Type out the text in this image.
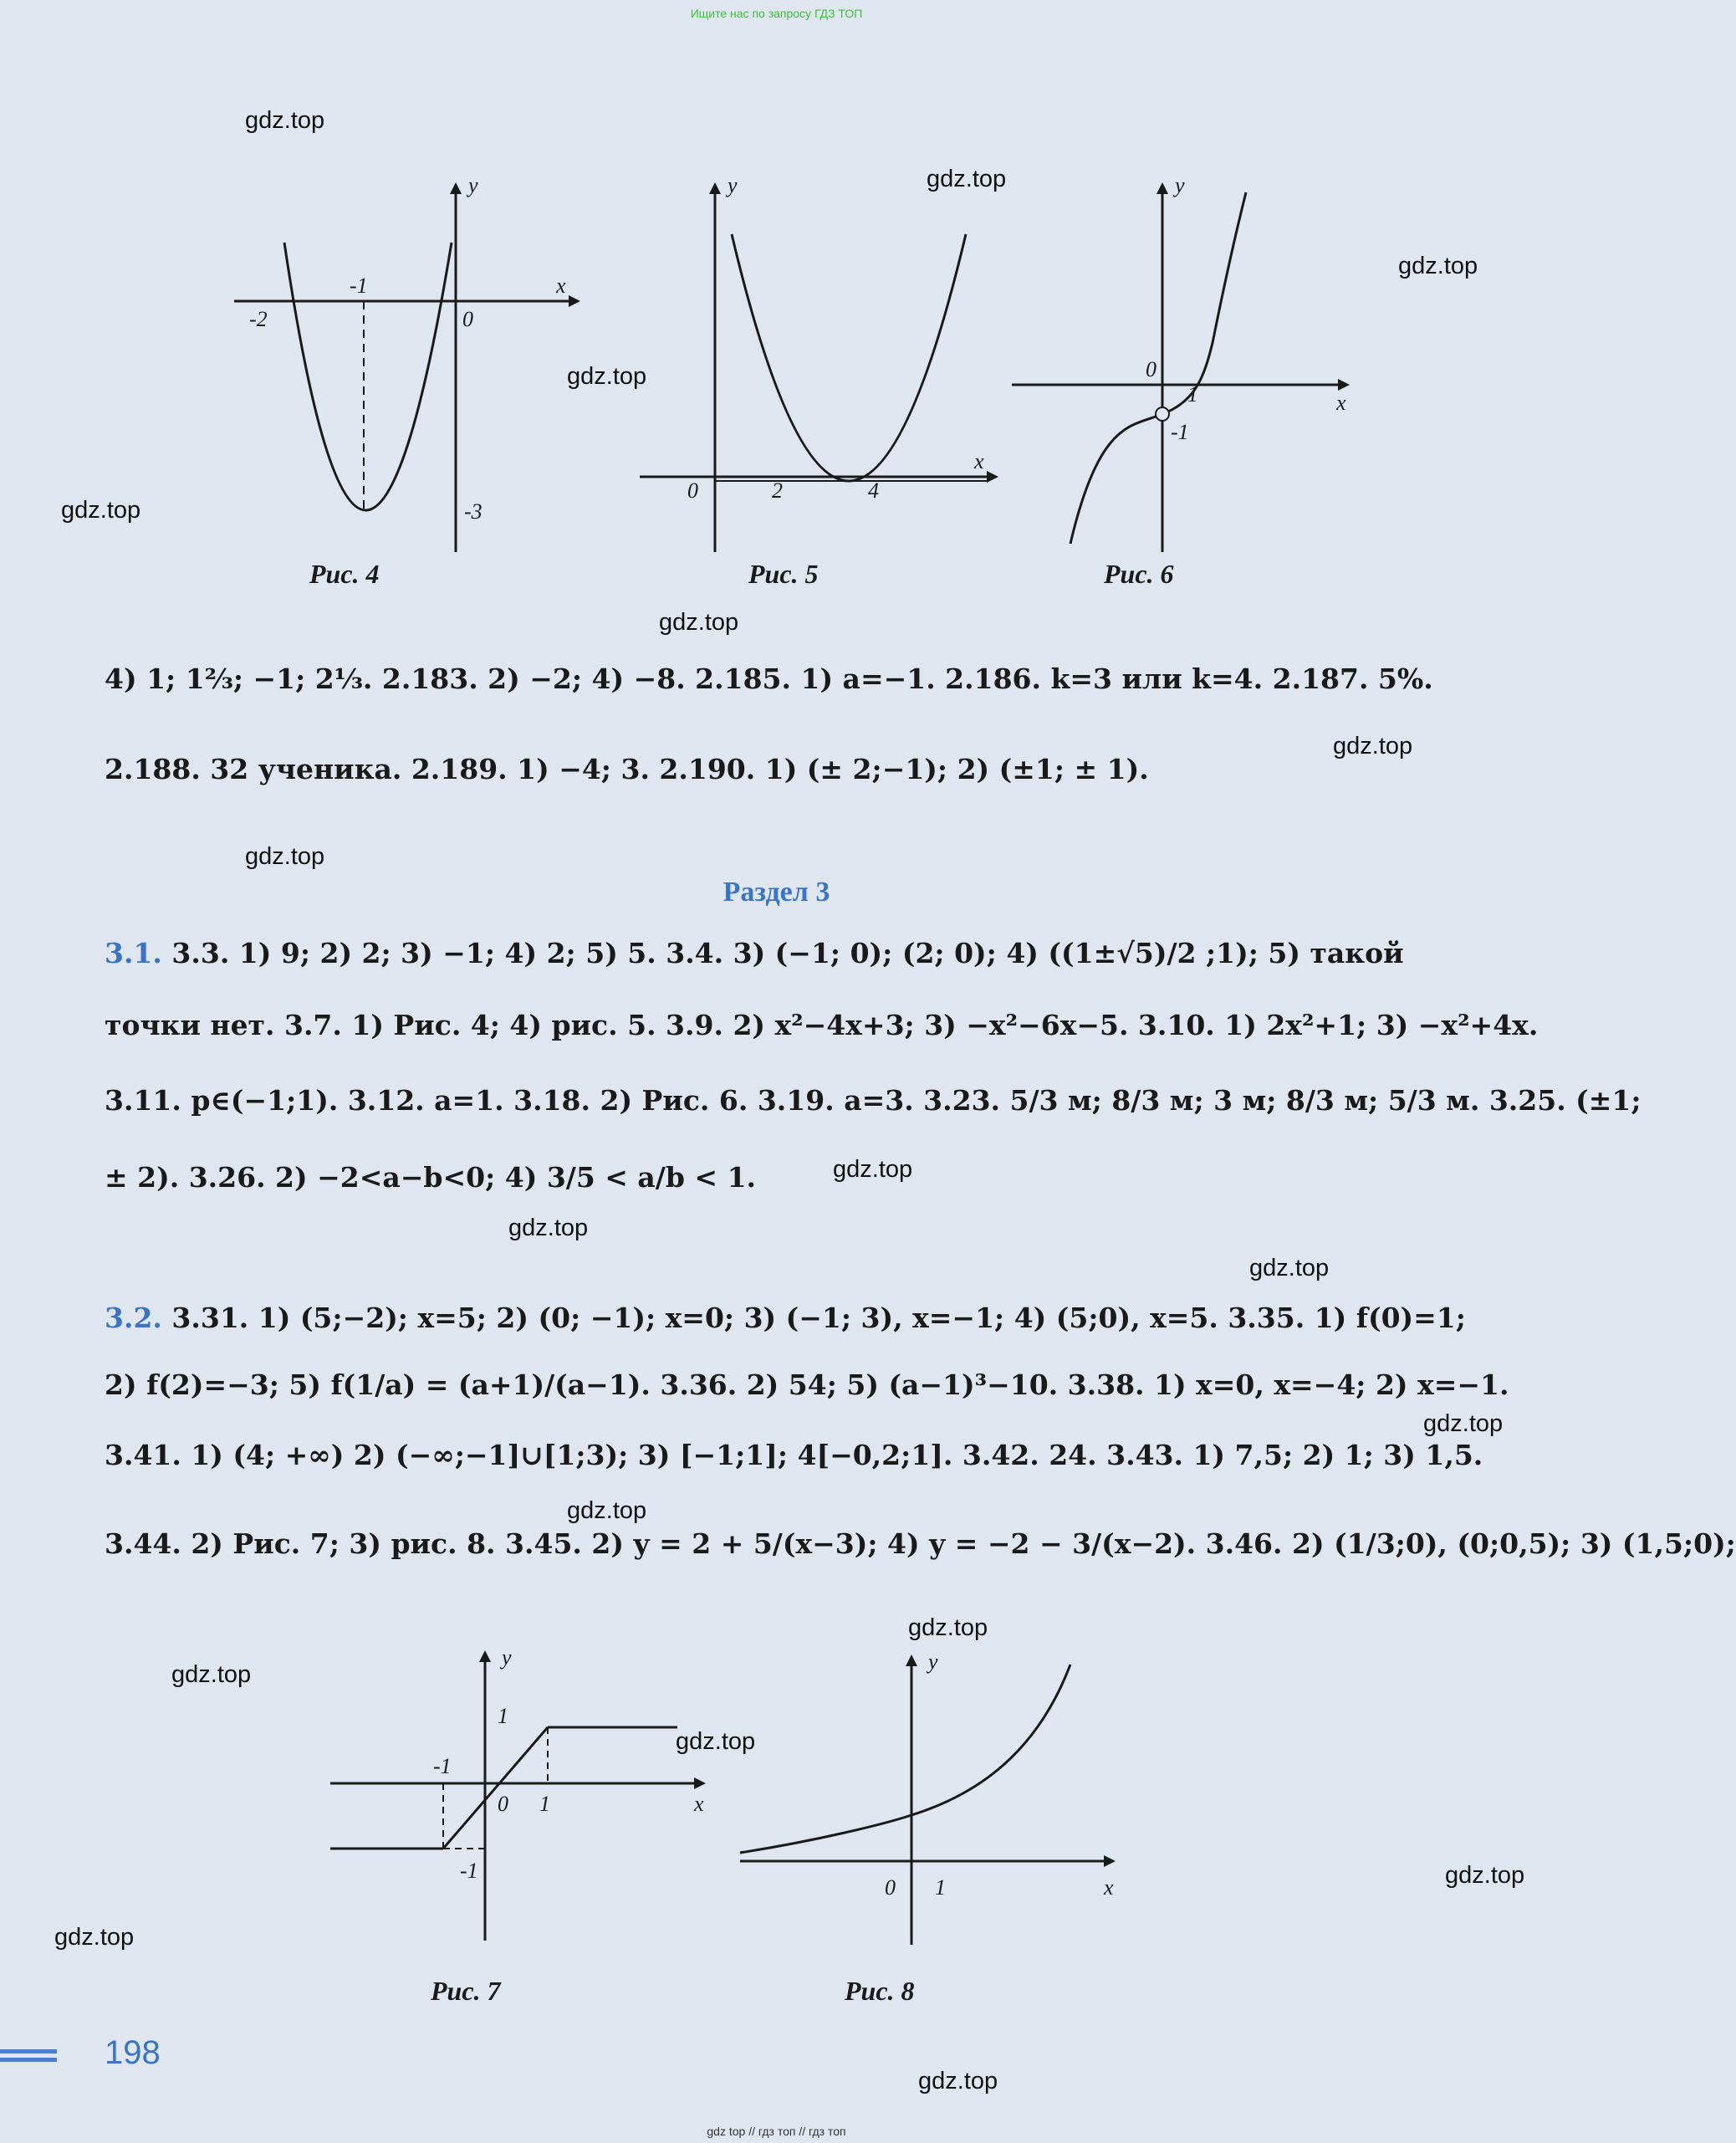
Ищите нас по запросу ГДЗ ТОП
gdz.top
gdz.top
gdz.top
gdz.top
gdz.top
gdz.top
gdz.top
gdz.top
gdz.top
gdz.top
gdz.top
gdz.top
gdz.top
gdz.top
gdz.top
gdz.top
gdz.top
gdz.top
gdz.top
y
x
-2
-1
0
-3
Рис. 4
y
x
0	2	4
Рис. 5
y
x
0
1
-1
Рис. 6
4) 1; 1⅔; −1; 2⅓. 2.183. 2) −2; 4) −8. 2.185. 1) a=−1. 2.186. k=3 или k=4. 2.187. 5%.
2.188. 32 ученика. 2.189. 1) −4; 3. 2.190. 1) (± 2;−1); 2) (±1; ± 1).
Раздел 3
3.1. 3.3. 1) 9; 2) 2; 3) −1; 4) 2; 5) 5. 3.4. 3) (−1; 0); (2; 0); 4) ((1±√5)/2 ;1); 5) такой
точки нет. 3.7. 1) Рис. 4; 4) рис. 5. 3.9. 2) x²−4x+3; 3) −x²−6x−5. 3.10. 1) 2x²+1; 3) −x²+4x.
3.11. p∈(−1;1). 3.12. a=1. 3.18. 2) Рис. 6. 3.19. a=3. 3.23. 5/3 м; 8/3 м; 3 м; 8/3 м; 5/3 м. 3.25. (±1;
± 2). 3.26. 2) −2<a−b<0; 4) 3/5 < a/b < 1.
3.2. 3.31. 1) (5;−2); x=5; 2) (0; −1); x=0; 3) (−1; 3), x=−1; 4) (5;0), x=5. 3.35. 1) f(0)=1;
2) f(2)=−3; 5) f(1/a) = (a+1)/(a−1). 3.36. 2) 54; 5) (a−1)³−10. 3.38. 1) x=0, x=−4; 2) x=−1.
3.41. 1) (4; +∞) 2) (−∞;−1]∪[1;3); 3) [−1;1]; 4[−0,2;1]. 3.42. 24. 3.43. 1) 7,5; 2) 1; 3) 1,5.
3.44. 2) Рис. 7; 3) рис. 8. 3.45. 2) y = 2 + 5/(x−3); 4) y = −2 − 3/(x−2). 3.46. 2) (1/3;0), (0;0,5); 3) (1,5;0);
y
x
1
-1
0 1
-1
Рис. 7
y
x
0 1
Рис. 8
198
gdz top // гдз топ // гдз топ
